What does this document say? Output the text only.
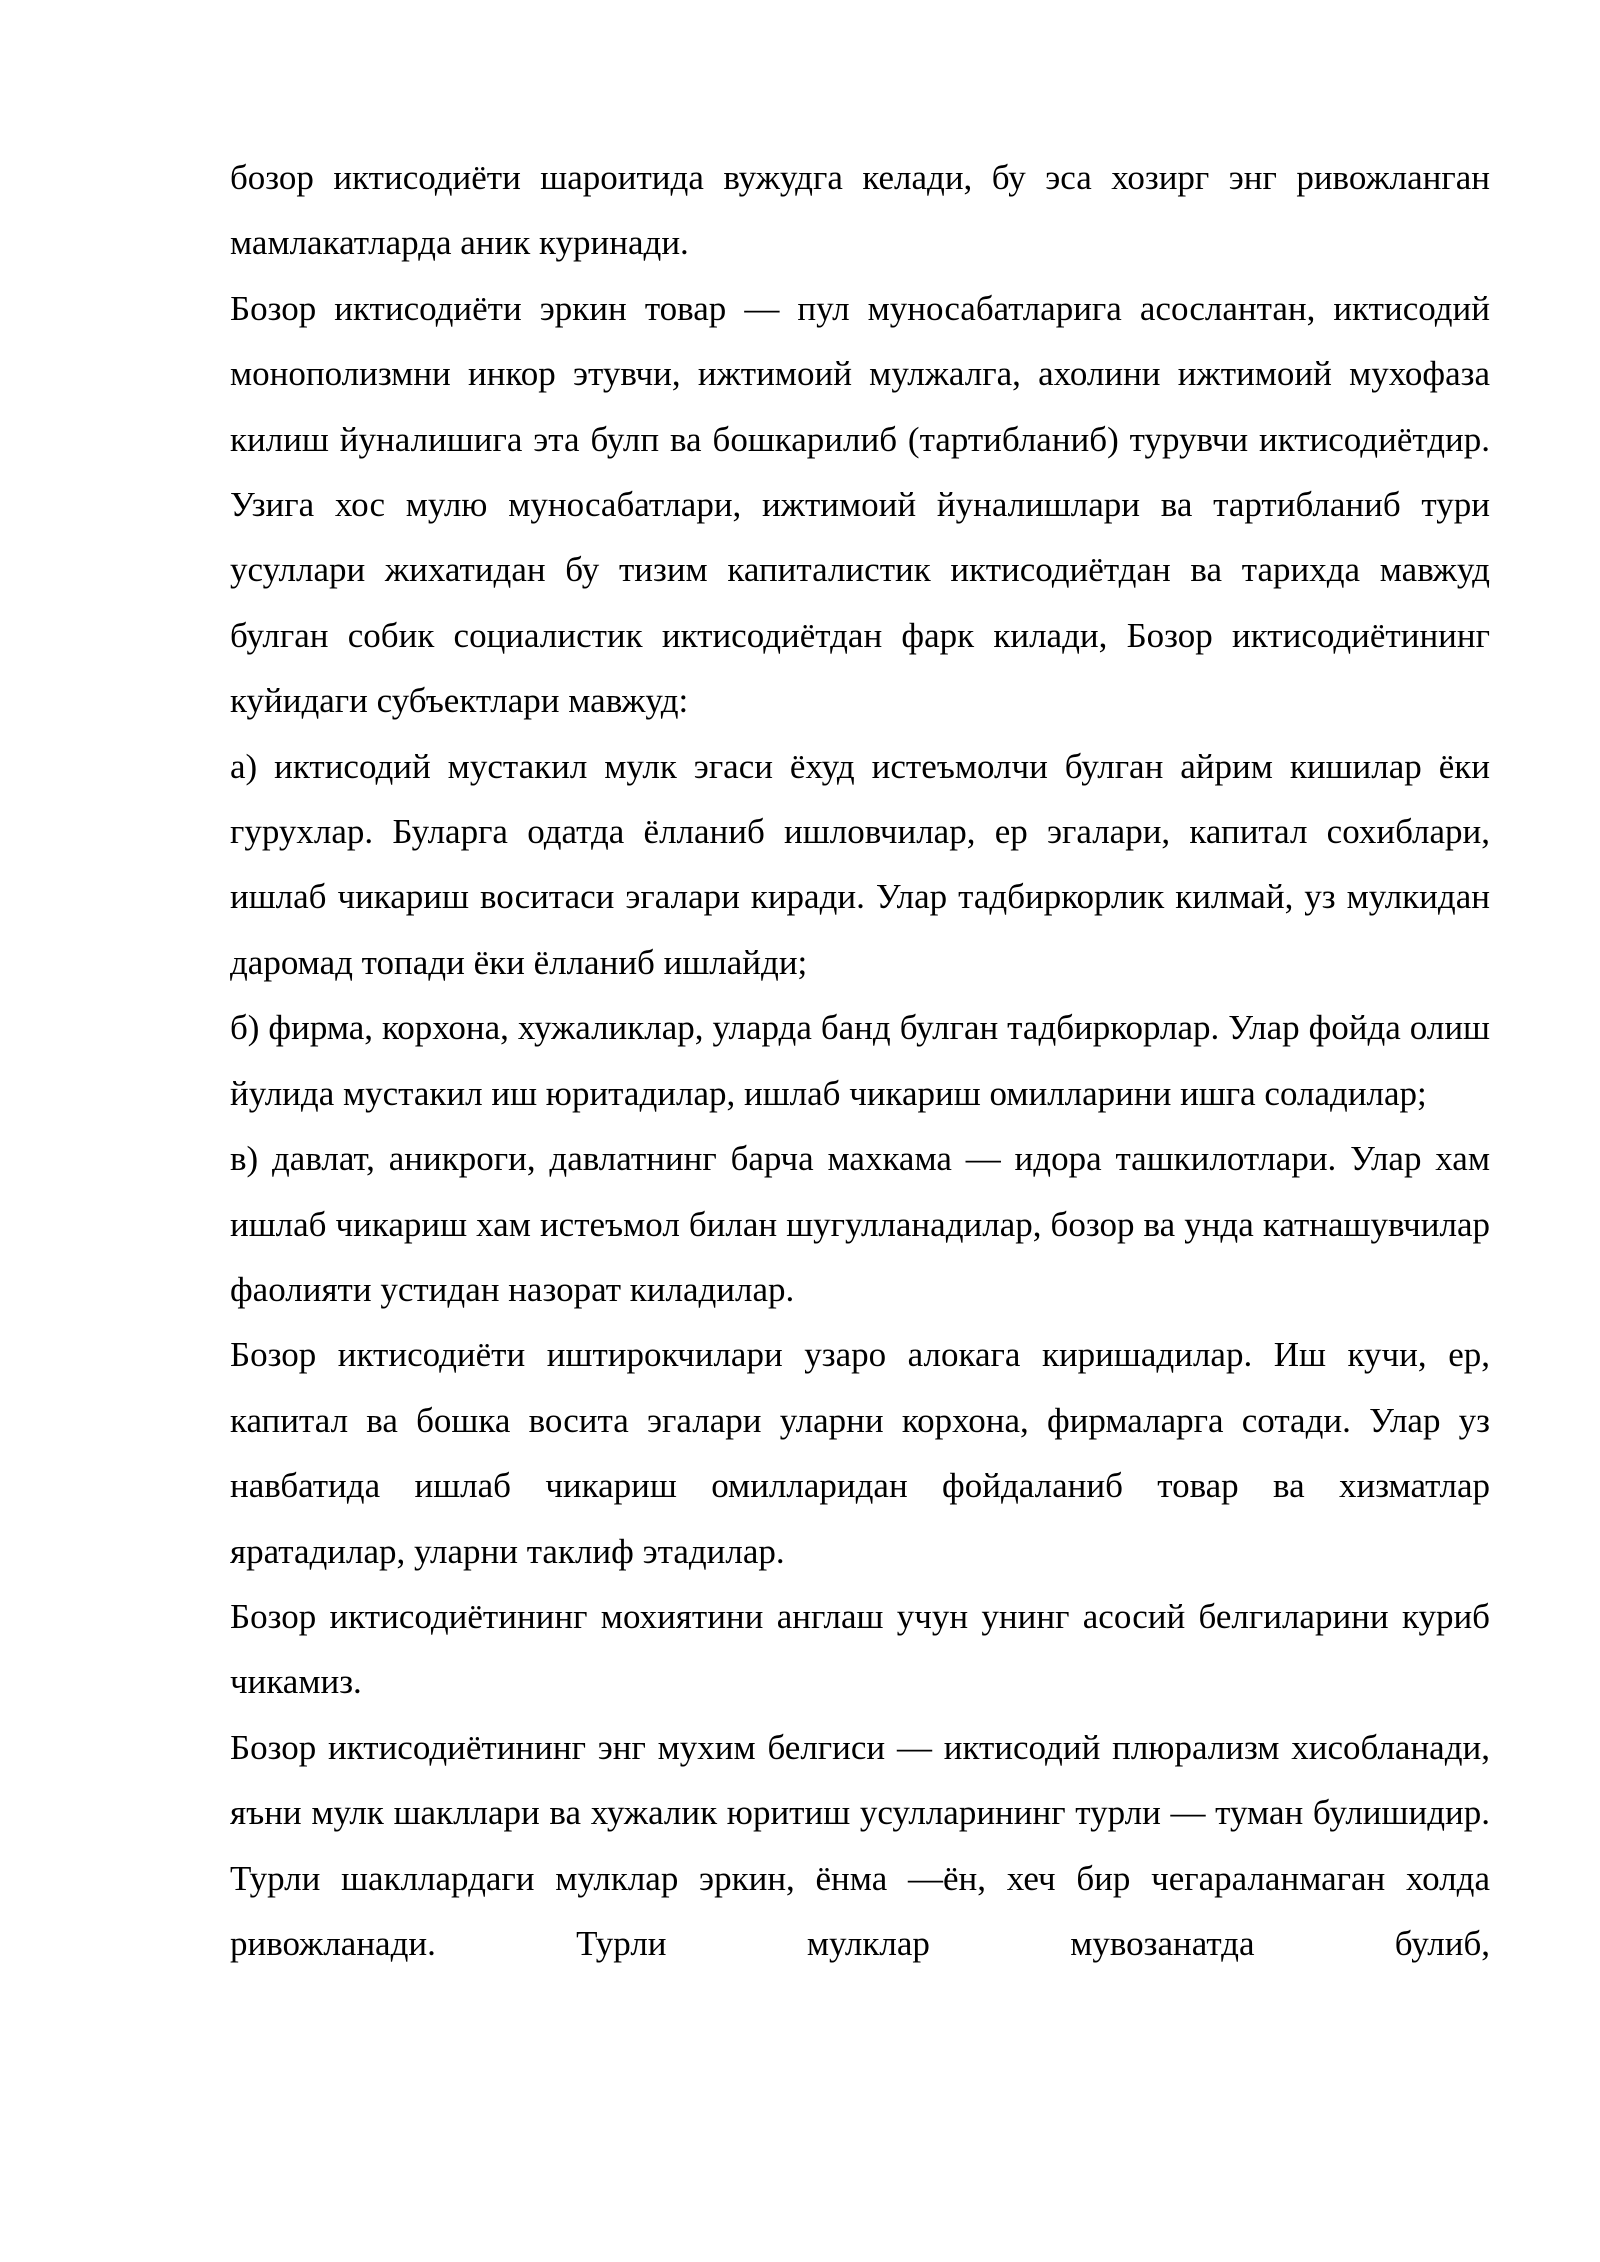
бозор иктисодиёти шароитида вужудга келади, бу эса хозирг энг ривожланган мамлакатларда аник куринади.

Бозор иктисодиёти эркин товар — пул муносабатларига асослантан, иктисодий монополизмни инкор этувчи, ижтимоий мулжалга, ахолини ижтимоий мухофаза килиш йуналишига эта булп ва бошкарилиб (тартибланиб) турувчи иктисодиётдир. Узига хос мулю муносабатлари, ижтимоий йуналишлари ва тартибланиб тури усуллари жихатидан бу тизим капиталистик иктисодиётдан ва тарихда мавжуд булган собик социалистик иктисодиётдан фарк килади, Бозор иктисодиётининг куйидаги субъектлари мавжуд:

а) иктисодий мустакил мулк эгаси ёхуд истеъмолчи булган айрим кишилар ёки гурухлар. Буларга одатда ёлланиб ишловчилар, ер эгалари, капитал сохиблари, ишлаб чикариш воситаси эгалари киради. Улар тадбиркорлик килмай, уз мулкидан даромад топади ёки ёлланиб ишлайди;

б) фирма, корхона, хужаликлар, уларда банд булган тадбиркорлар. Улар фойда олиш йулида мустакил иш юритадилар, ишлаб чикариш омилларини ишга соладилар;

в) давлат, аникроги, давлатнинг барча махкама — идора ташкилотлари. Улар хам ишлаб чикариш хам истеъмол билан шугулланадилар, бозор ва унда катнашувчилар фаолияти устидан назорат киладилар.

Бозор иктисодиёти иштирокчилари узаро алокага киришадилар. Иш кучи, ер, капитал ва бошка восита эгалари уларни корхона, фирмаларга сотади. Улар уз навбатида ишлаб чикариш омилларидан фойдаланиб товар ва хизматлар яратадилар, уларни таклиф этадилар.

Бозор иктисодиётининг мохиятини англаш учун унинг асосий белгиларини куриб чикамиз.

Бозор иктисодиётининг энг мухим белгиси — иктисодий плюрализм хисобланади, яъни мулк шакллари ва хужалик юритиш усулларининг турли — туман булишидир. Турли шакллардаги мулклар эркин, ёнма —ён, хеч бир чегараланмаган холда ривожланади. Турли мулклар мувозанатда булиб,
